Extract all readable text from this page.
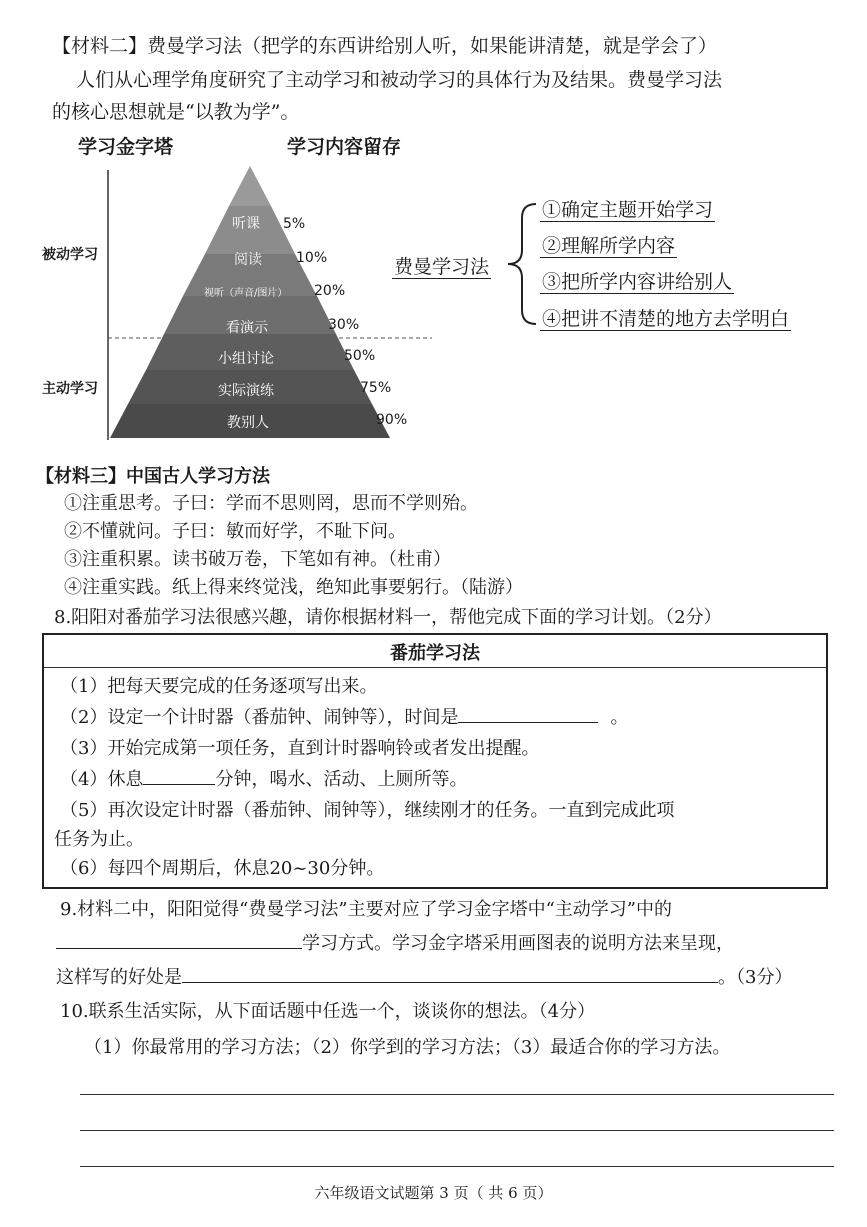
【材料二】费曼学习法（把学的东西讲给别人听，如果能讲清楚，就是学会了）
人们从心理学角度研究了主动学习和被动学习的具体行为及结果。费曼学习法
的核心思想就是“以教为学”。
学习金字塔	学习内容留存
被动学习
主动学习
听课
阅读
视听（声音/图片）
看演示
小组讨论
实际演练
教别人
5%
10%
20%
30%
50%
75%
90%
费曼学习法
①确定主题开始学习
②理解所学内容
③把所学内容讲给别人
④把讲不清楚的地方去学明白
【材料三】中国古人学习方法
①注重思考。子曰：学而不思则罔，思而不学则殆。
②不懂就问。子曰：敏而好学，不耻下问。
③注重积累。读书破万卷，下笔如有神。（杜甫）
④注重实践。纸上得来终觉浅，绝知此事要躬行。（陆游）
8.阳阳对番茄学习法很感兴趣，请你根据材料一，帮他完成下面的学习计划。（2分）
番茄学习法
（1）把每天要完成的任务逐项写出来。
（2）设定一个计时器（番茄钟、闹钟等），时间是	。
（3）开始完成第一项任务，直到计时器响铃或者发出提醒。
（4）休息	分钟，喝水、活动、上厕所等。
（5）再次设定计时器（番茄钟、闹钟等），继续刚才的任务。一直到完成此项
任务为止。
（6）每四个周期后，休息20~30分钟。
9.材料二中，阳阳觉得“费曼学习法”主要对应了学习金字塔中“主动学习”中的
学习方式。学习金字塔采用画图表的说明方法来呈现，
这样写的好处是	。（3分）
10.联系生活实际，从下面话题中任选一个，谈谈你的想法。（4分）
（1）你最常用的学习方法；（2）你学到的学习方法；（3）最适合你的学习方法。
六年级语文试题第 3 页（ 共 6 页）
